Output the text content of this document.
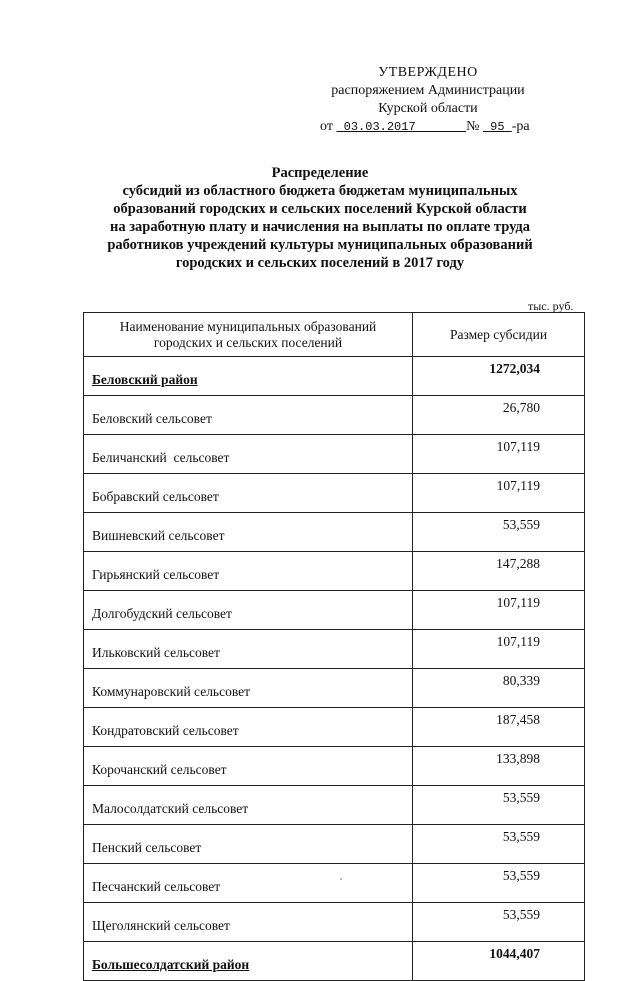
УТВЕРЖДЕНО
распоряжением Администрации
Курской области
от 03.03.2017	№ 95 -ра
Распределение
субсидий из областного бюджета бюджетам муниципальных
образований городских и сельских поселений Курской области
на заработную плату и начисления на выплаты по оплате труда
работников учреждений культуры муниципальных образований
городских и сельских поселений в 2017 году
тыс. руб.
Наименование муниципальных образований городских и сельских поселений	Размер субсидии
Беловский район	1272,034
Беловский сельсовет	26,780
Беличанский  сельсовет	107,119
Бобравский сельсовет	107,119
Вишневский сельсовет	53,559
Гирьянский сельсовет	147,288
Долгобудский сельсовет	107,119
Ильковский сельсовет	107,119
Коммунаровский сельсовет	80,339
Кондратовский сельсовет	187,458
Корочанский сельсовет	133,898
Малосолдатский сельсовет	53,559
Пенский сельсовет	53,559
Песчанский сельсовет	53,559
Щеголянский сельсовет	53,559
Большесолдатский район	1044,407
